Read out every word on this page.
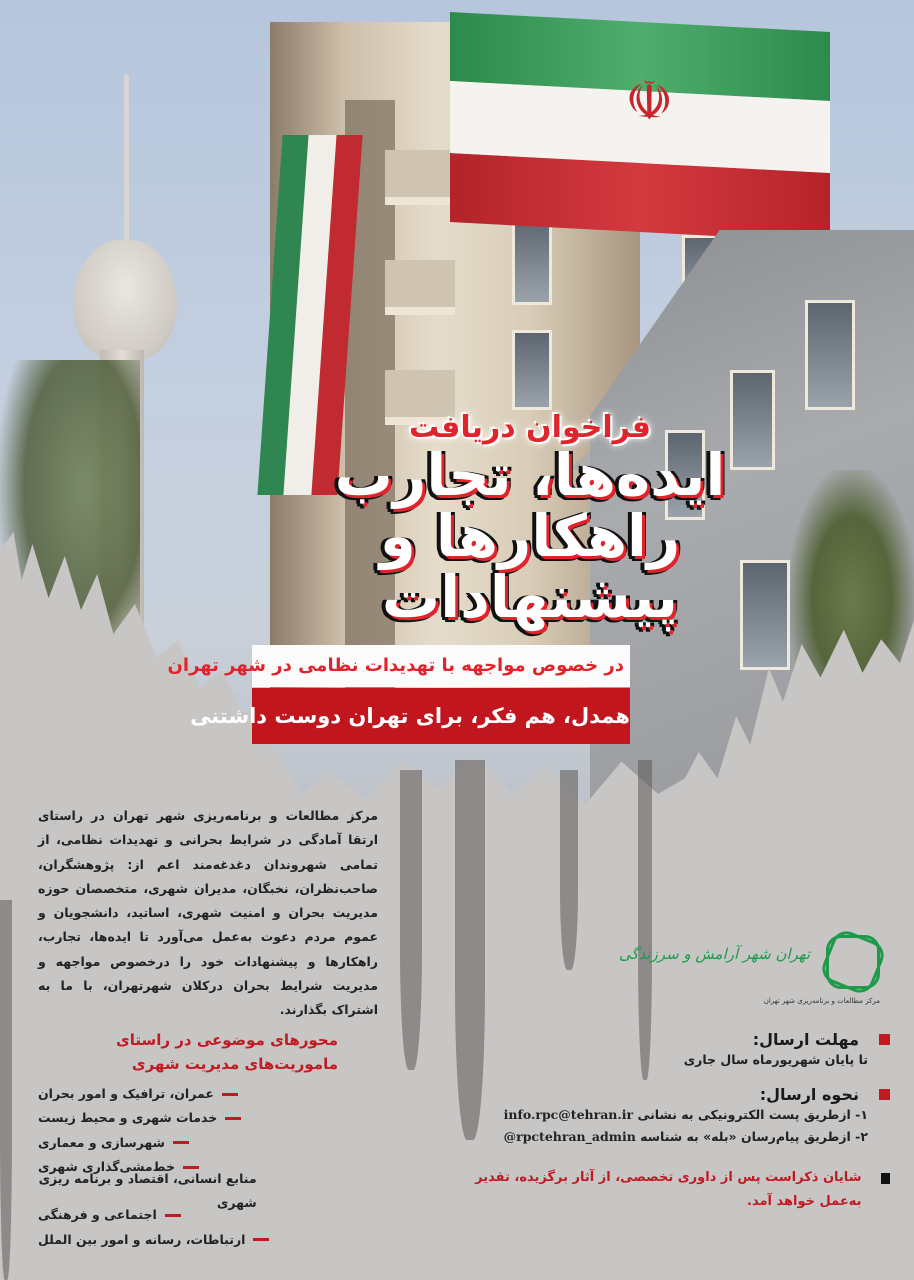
☫
فراخوان دریافت
ایده‌ها، تجارب
راهکارها و پیشنهادات
در خصوص مواجهه با تهدیدات نظامی در شهر تهران
همدل، هم فکر، برای تهران دوست داشتنی

مرکز مطالعات و برنامه‌ریزی شهر تهران در راستای ارتقا آمادگی در شرایط بحرانی و تهدیدات نظامی، از تمامی شهروندان دغدغه‌مند اعم از: پژوهشگران، صاحب‌نظران، نخبگان، مدیران شهری، متخصصان حوزه مدیریت بحران و امنیت شهری، اساتید، دانشجویان و عموم مردم دعوت به‌عمل می‌آورد تا ایده‌ها، تجارب، راهکارها و پیشنهادات خود را درخصوص مواجهه و مدیریت شرایط بحران درکلان شهرتهران، با ما به اشتراک بگذارند.

محورهای موضوعی در راستای ماموریت‌های مدیریت شهری
عمران، ترافیک و امور بحران
خدمات شهری و محیط زیست
شهرسازی و معماری
خط‌مشی‌گذاری شهری
منابع انسانی، اقتصاد و برنامه ریزی شهری
اجتماعی و فرهنگی
ارتباطات، رسانه و امور بین الملل
تهران شهر آرامش و سرزندگی
مرکز مطالعات و برنامه‌ریزی شهر تهران
مهلت ارسال:
تا پایان شهریورماه سال جاری
نحوه ارسال:
۱- ازطریق پست الکترونیکی به نشانی info.rpc@tehran.ir
۲- ازطریق پیام‌رسان «بله» به شناسه @rpctehran_admin
شایان ذکراست پس از داوری تخصصی، از آثار برگزیده، تقدیر به‌عمل خواهد آمد.
